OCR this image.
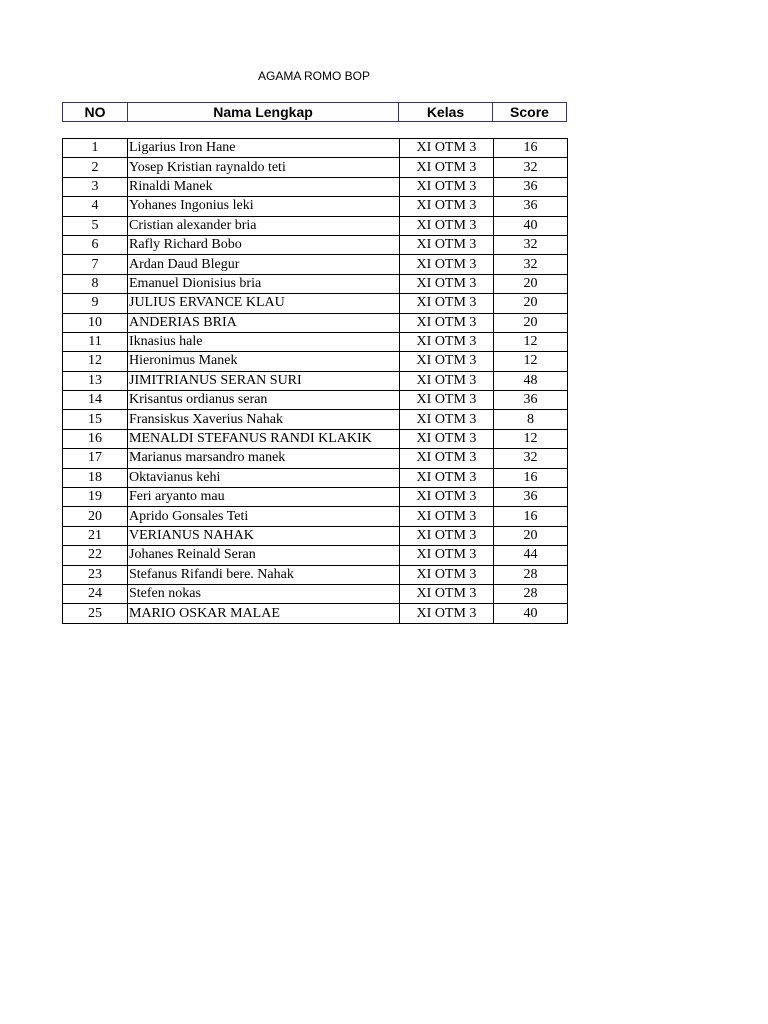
AGAMA ROMO BOP
NO	Nama Lengkap	Kelas	Score
1	Ligarius Iron Hane	XI OTM 3	16
2	Yosep Kristian raynaldo teti	XI OTM 3	32
3	Rinaldi Manek	XI OTM 3	36
4	Yohanes Ingonius leki	XI OTM 3	36
5	Cristian alexander bria	XI OTM 3	40
6	Rafly Richard Bobo	XI OTM 3	32
7	Ardan Daud Blegur	XI OTM 3	32
8	Emanuel Dionisius bria	XI OTM 3	20
9	JULIUS ERVANCE KLAU	XI OTM 3	20
10	ANDERIAS BRIA	XI OTM 3	20
11	Iknasius hale	XI OTM 3	12
12	Hieronimus Manek	XI OTM 3	12
13	JIMITRIANUS SERAN SURI	XI OTM 3	48
14	Krisantus ordianus seran	XI OTM 3	36
15	Fransiskus Xaverius Nahak	XI OTM 3	8
16	MENALDI STEFANUS RANDI KLAKIK	XI OTM 3	12
17	Marianus marsandro manek	XI OTM 3	32
18	Oktavianus kehi	XI OTM 3	16
19	Feri aryanto mau	XI OTM 3	36
20	Aprido Gonsales Teti	XI OTM 3	16
21	VERIANUS NAHAK	XI OTM 3	20
22	Johanes Reinald Seran	XI OTM 3	44
23	Stefanus Rifandi bere. Nahak	XI OTM 3	28
24	Stefen nokas	XI OTM 3	28
25	MARIO OSKAR MALAE	XI OTM 3	40
